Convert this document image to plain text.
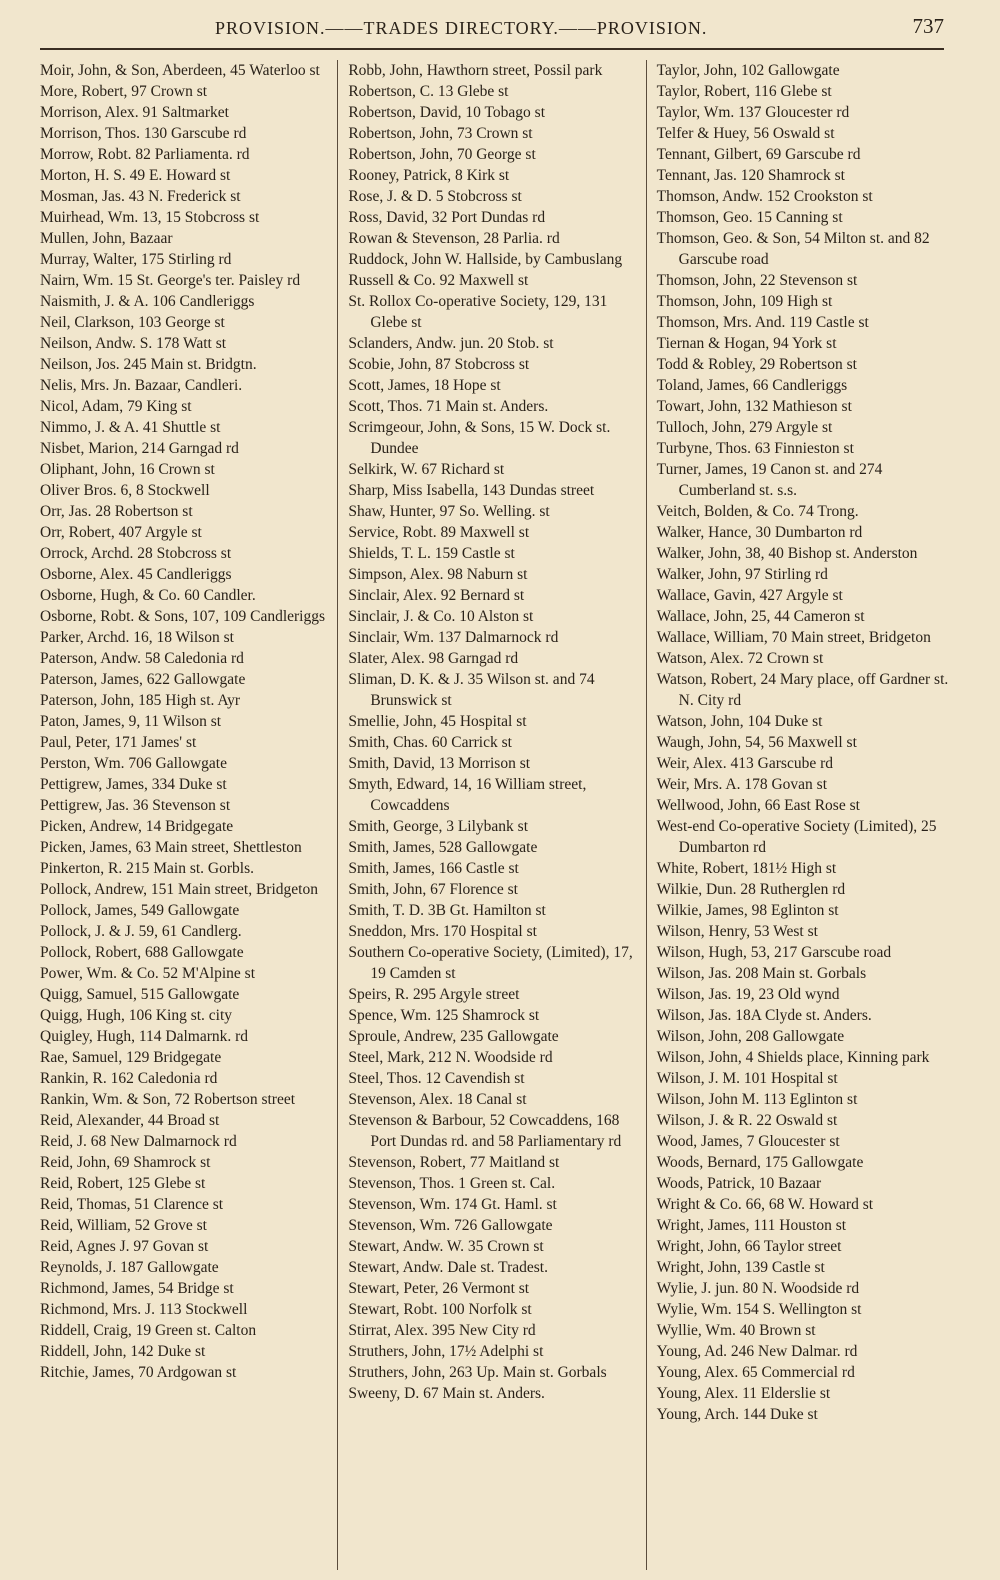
PROVISION.——TRADES DIRECTORY.——PROVISION.	737
Moir, John, & Son, Aberdeen, 45 Waterloo st
More, Robert, 97 Crown st
Morrison, Alex. 91 Saltmarket
Morrison, Thos. 130 Garscube rd
Morrow, Robt. 82 Parliamenta. rd
Morton, H. S. 49 E. Howard st
Mosman, Jas. 43 N. Frederick st
Muirhead, Wm. 13, 15 Stobcross st
Mullen, John, Bazaar
Murray, Walter, 175 Stirling rd
Nairn, Wm. 15 St. George's ter. Paisley rd
Naismith, J. & A. 106 Candleriggs
Neil, Clarkson, 103 George st
Neilson, Andw. S. 178 Watt st
Neilson, Jos. 245 Main st. Bridgtn.
Nelis, Mrs. Jn. Bazaar, Candleri.
Nicol, Adam, 79 King st
Nimmo, J. & A. 41 Shuttle st
Nisbet, Marion, 214 Garngad rd
Oliphant, John, 16 Crown st
Oliver Bros. 6, 8 Stockwell
Orr, Jas. 28 Robertson st
Orr, Robert, 407 Argyle st
Orrock, Archd. 28 Stobcross st
Osborne, Alex. 45 Candleriggs
Osborne, Hugh, & Co. 60 Candler.
Osborne, Robt. & Sons, 107, 109 Candleriggs
Parker, Archd. 16, 18 Wilson st
Paterson, Andw. 58 Caledonia rd
Paterson, James, 622 Gallowgate
Paterson, John, 185 High st. Ayr
Paton, James, 9, 11 Wilson st
Paul, Peter, 171 James' st
Perston, Wm. 706 Gallowgate
Pettigrew, James, 334 Duke st
Pettigrew, Jas. 36 Stevenson st
Picken, Andrew, 14 Bridgegate
Picken, James, 63 Main street, Shettleston
Pinkerton, R. 215 Main st. Gorbls.
Pollock, Andrew, 151 Main street, Bridgeton
Pollock, James, 549 Gallowgate
Pollock, J. & J. 59, 61 Candlerg.
Pollock, Robert, 688 Gallowgate
Power, Wm. & Co. 52 M'Alpine st
Quigg, Samuel, 515 Gallowgate
Quigg, Hugh, 106 King st. city
Quigley, Hugh, 114 Dalmarnk. rd
Rae, Samuel, 129 Bridgegate
Rankin, R. 162 Caledonia rd
Rankin, Wm. & Son, 72 Robertson street
Reid, Alexander, 44 Broad st
Reid, J. 68 New Dalmarnock rd
Reid, John, 69 Shamrock st
Reid, Robert, 125 Glebe st
Reid, Thomas, 51 Clarence st
Reid, William, 52 Grove st
Reid, Agnes J. 97 Govan st
Reynolds, J. 187 Gallowgate
Richmond, James, 54 Bridge st
Richmond, Mrs. J. 113 Stockwell
Riddell, Craig, 19 Green st. Calton
Riddell, John, 142 Duke st
Ritchie, James, 70 Ardgowan st
Robb, John, Hawthorn street, Possil park
Robertson, C. 13 Glebe st
Robertson, David, 10 Tobago st
Robertson, John, 73 Crown st
Robertson, John, 70 George st
Rooney, Patrick, 8 Kirk st
Rose, J. & D. 5 Stobcross st
Ross, David, 32 Port Dundas rd
Rowan & Stevenson, 28 Parlia. rd
Ruddock, John W. Hallside, by Cambuslang
Russell & Co. 92 Maxwell st
St. Rollox Co-operative Society, 129, 131 Glebe st
Sclanders, Andw. jun. 20 Stob. st
Scobie, John, 87 Stobcross st
Scott, James, 18 Hope st
Scott, Thos. 71 Main st. Anders.
Scrimgeour, John, & Sons, 15 W. Dock st. Dundee
Selkirk, W. 67 Richard st
Sharp, Miss Isabella, 143 Dundas street
Shaw, Hunter, 97 So. Welling. st
Service, Robt. 89 Maxwell st
Shields, T. L. 159 Castle st
Simpson, Alex. 98 Naburn st
Sinclair, Alex. 92 Bernard st
Sinclair, J. & Co. 10 Alston st
Sinclair, Wm. 137 Dalmarnock rd
Slater, Alex. 98 Garngad rd
Sliman, D. K. & J. 35 Wilson st. and 74 Brunswick st
Smellie, John, 45 Hospital st
Smith, Chas. 60 Carrick st
Smith, David, 13 Morrison st
Smyth, Edward, 14, 16 William street, Cowcaddens
Smith, George, 3 Lilybank st
Smith, James, 528 Gallowgate
Smith, James, 166 Castle st
Smith, John, 67 Florence st
Smith, T. D. 3B Gt. Hamilton st
Sneddon, Mrs. 170 Hospital st
Southern Co-operative Society, (Limited), 17, 19 Camden st
Speirs, R. 295 Argyle street
Spence, Wm. 125 Shamrock st
Sproule, Andrew, 235 Gallowgate
Steel, Mark, 212 N. Woodside rd
Steel, Thos. 12 Cavendish st
Stevenson, Alex. 18 Canal st
Stevenson & Barbour, 52 Cowcaddens, 168 Port Dundas rd. and 58 Parliamentary rd
Stevenson, Robert, 77 Maitland st
Stevenson, Thos. 1 Green st. Cal.
Stevenson, Wm. 174 Gt. Haml. st
Stevenson, Wm. 726 Gallowgate
Stewart, Andw. W. 35 Crown st
Stewart, Andw. Dale st. Tradest.
Stewart, Peter, 26 Vermont st
Stewart, Robt. 100 Norfolk st
Stirrat, Alex. 395 New City rd
Struthers, John, 17½ Adelphi st
Struthers, John, 263 Up. Main st. Gorbals
Sweeny, D. 67 Main st. Anders.
Taylor, John, 102 Gallowgate
Taylor, Robert, 116 Glebe st
Taylor, Wm. 137 Gloucester rd
Telfer & Huey, 56 Oswald st
Tennant, Gilbert, 69 Garscube rd
Tennant, Jas. 120 Shamrock st
Thomson, Andw. 152 Crookston st
Thomson, Geo. 15 Canning st
Thomson, Geo. & Son, 54 Milton st. and 82 Garscube road
Thomson, John, 22 Stevenson st
Thomson, John, 109 High st
Thomson, Mrs. And. 119 Castle st
Tiernan & Hogan, 94 York st
Todd & Robley, 29 Robertson st
Toland, James, 66 Candleriggs
Towart, John, 132 Mathieson st
Tulloch, John, 279 Argyle st
Turbyne, Thos. 63 Finnieston st
Turner, James, 19 Canon st. and 274 Cumberland st. s.s.
Veitch, Bolden, & Co. 74 Trong.
Walker, Hance, 30 Dumbarton rd
Walker, John, 38, 40 Bishop st. Anderston
Walker, John, 97 Stirling rd
Wallace, Gavin, 427 Argyle st
Wallace, John, 25, 44 Cameron st
Wallace, William, 70 Main street, Bridgeton
Watson, Alex. 72 Crown st
Watson, Robert, 24 Mary place, off Gardner st. N. City rd
Watson, John, 104 Duke st
Waugh, John, 54, 56 Maxwell st
Weir, Alex. 413 Garscube rd
Weir, Mrs. A. 178 Govan st
Wellwood, John, 66 East Rose st
West-end Co-operative Society (Limited), 25 Dumbarton rd
White, Robert, 181½ High st
Wilkie, Dun. 28 Rutherglen rd
Wilkie, James, 98 Eglinton st
Wilson, Henry, 53 West st
Wilson, Hugh, 53, 217 Garscube road
Wilson, Jas. 208 Main st. Gorbals
Wilson, Jas. 19, 23 Old wynd
Wilson, Jas. 18A Clyde st. Anders.
Wilson, John, 208 Gallowgate
Wilson, John, 4 Shields place, Kinning park
Wilson, J. M. 101 Hospital st
Wilson, John M. 113 Eglinton st
Wilson, J. & R. 22 Oswald st
Wood, James, 7 Gloucester st
Woods, Bernard, 175 Gallowgate
Woods, Patrick, 10 Bazaar
Wright & Co. 66, 68 W. Howard st
Wright, James, 111 Houston st
Wright, John, 66 Taylor street
Wright, John, 139 Castle st
Wylie, J. jun. 80 N. Woodside rd
Wylie, Wm. 154 S. Wellington st
Wyllie, Wm. 40 Brown st
Young, Ad. 246 New Dalmar. rd
Young, Alex. 65 Commercial rd
Young, Alex. 11 Elderslie st
Young, Arch. 144 Duke st
